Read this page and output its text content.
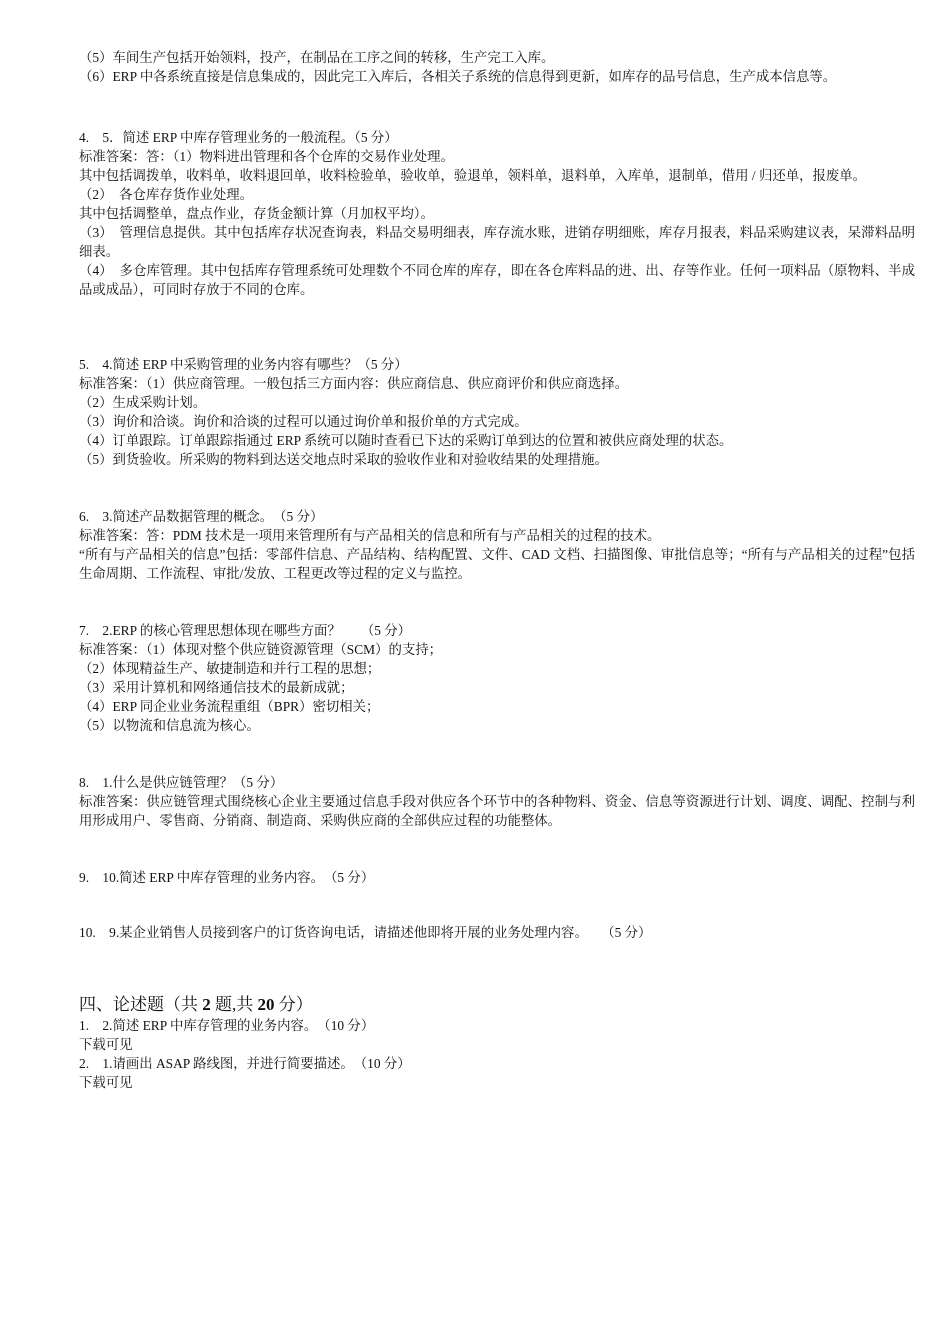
（5）车间生产包括开始领料，投产，在制品在工序之间的转移，生产完工入库。

（6）ERP 中各系统直接是信息集成的，因此完工入库后，各相关子系统的信息得到更新，如库存的品号信息，生产成本信息等。

4.　5．简述 ERP 中库存管理业务的一般流程。（5 分）

标准答案：答：（1）物料进出管理和各个仓库的交易作业处理。

其中包括调拨单，收料单，收料退回单，收料检验单，验收单，验退单，领料单，退料单，入库单，退制单，借用 / 归还单，报废单。

（2）　各仓库存货作业处理。

其中包括调整单，盘点作业，存货金额计算（月加权平均）。

（3）　管理信息提供。其中包括库存状况查询表，料品交易明细表，库存流水账，进销存明细账，库存月报表，料品采购建议表，呆滞料品明细表。

（4）　多仓库管理。其中包括库存管理系统可处理数个不同仓库的库存，即在各仓库料品的进、出、存等作业。任何一项料品（原物料、半成品或成品），可同时存放于不同的仓库。

5.　4.简述 ERP 中采购管理的业务内容有哪些？（5 分）

标准答案：（1）供应商管理。一般包括三方面内容：供应商信息、供应商评价和供应商选择。

（2）生成采购计划。

（3）询价和洽谈。询价和洽谈的过程可以通过询价单和报价单的方式完成。

（4）订单跟踪。订单跟踪指通过 ERP 系统可以随时查看已下达的采购订单到达的位置和被供应商处理的状态。

（5）到货验收。所采购的物料到达送交地点时采取的验收作业和对验收结果的处理措施。

6.　3.简述产品数据管理的概念。　（5 分）

标准答案：答：PDM 技术是一项用来管理所有与产品相关的信息和所有与产品相关的过程的技术。

“所有与产品相关的信息”包括：零部件信息、产品结构、结构配置、文件、CAD 文档、扫描图像、审批信息等；“所有与产品相关的过程”包括生命周期、工作流程、审批/发放、工程更改等过程的定义与监控。

7.　2.ERP 的核心管理思想体现在哪些方面？　　（5 分）

标准答案：（1）体现对整个供应链资源管理（SCM）的支持；

（2）体现精益生产、敏捷制造和并行工程的思想；

（3）采用计算机和网络通信技术的最新成就；

（4）ERP 同企业业务流程重组（BPR）密切相关；

（5）以物流和信息流为核心。

8.　1.什么是供应链管理？（5 分）

标准答案：供应链管理式围绕核心企业主要通过信息手段对供应各个环节中的各种物料、资金、信息等资源进行计划、调度、调配、控制与利用形成用户、零售商、分销商、制造商、采购供应商的全部供应过程的功能整体。

9.　10.简述 ERP 中库存管理的业务内容。　（5 分）

10.　9.某企业销售人员接到客户的订货咨询电话，请描述他即将开展的业务处理内容。　　（5 分）

四、论述题（共 2 题,共 20 分）

1.　2.简述 ERP 中库存管理的业务内容。　（10 分）

下载可见

2.　1.请画出 ASAP 路线图，并进行简要描述。　（10 分）

下载可见
